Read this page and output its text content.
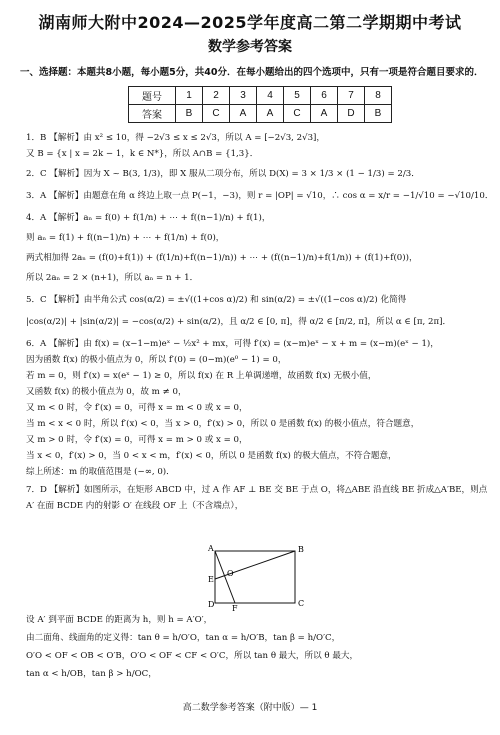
湖南师大附中2024—2025学年度高二第二学期期中考试
数学参考答案
一、选择题：本题共8小题，每小题5分，共40分．在每小题给出的四个选项中，只有一项是符合题目要求的．
题号	1	2	3	4	5	6	7	8
答案	B	C	A	A	C	A	D	B
1．B 【解析】由 x² ≤ 10，得 −2√3 ≤ x ≤ 2√3，所以 A = [−2√3, 2√3]，
又 B = {x | x = 2k − 1，k ∈ N*}，所以 A∩B = {1,3}．
2．C 【解析】因为 X ~ B(3, 1/3)，即 X 服从二项分布，所以 D(X) = 3 × 1/3 × (1 − 1/3) = 2/3．
3．A 【解析】由题意在角 α 终边上取一点 P(−1，−3)，则 r = |OP| = √10，∴ cos α = x/r = −1/√10 = −√10/10．
4．A 【解析】aₙ = f(0) + f(1/n) + ⋯ + f((n−1)/n) + f(1)，
则 aₙ = f(1) + f((n−1)/n) + ⋯ + f(1/n) + f(0)，
两式相加得 2aₙ = (f(0)+f(1)) + (f(1/n)+f((n−1)/n)) + ⋯ + (f((n−1)/n)+f(1/n)) + (f(1)+f(0))，
所以 2aₙ = 2 × (n+1)，所以 aₙ = n + 1．
5．C 【解析】由半角公式 cos(α/2) = ±√((1+cos α)/2) 和 sin(α/2) = ±√((1−cos α)/2) 化简得
|cos(α/2)| + |sin(α/2)| = −cos(α/2) + sin(α/2)，且 α/2 ∈ [0, π]，得 α/2 ∈ [π/2, π]，所以 α ∈ [π, 2π]．
6．A 【解析】由 f(x) = (x−1−m)eˣ − ½x² + mx，可得 f′(x) = (x−m)eˣ − x + m = (x−m)(eˣ − 1)，
因为函数 f(x) 的极小值点为 0，所以 f′(0) = (0−m)(e⁰ − 1) = 0，
若 m = 0，则 f′(x) = x(eˣ − 1) ≥ 0，所以 f(x) 在 R 上单调递增，故函数 f(x) 无极小值，
又函数 f(x) 的极小值点为 0，故 m ≠ 0，
又 m < 0 时，令 f′(x) = 0，可得 x = m < 0 或 x = 0，
当 m < x < 0 时，所以 f′(x) < 0，当 x > 0，f′(x) > 0，所以 0 是函数 f(x) 的极小值点，符合题意，
又 m > 0 时，令 f′(x) = 0，可得 x = m > 0 或 x = 0，
当 x < 0，f′(x) > 0，当 0 < x < m，f′(x) < 0，所以 0 是函数 f(x) 的极大值点，不符合题意，
综上所述：m 的取值范围是 (−∞, 0)．
7．D 【解析】如图所示，在矩形 ABCD 中，过 A 作 AF ⊥ BE 交 BE 于点 O，将△ABE 沿直线 BE 折成△A′BE，则点
A′ 在面 BCDE 内的射影 O′ 在线段 OF 上（不含端点），
A	B
C
D
E
F
O
设 A′ 到平面 BCDE 的距离为 h，则 h = A′O′，
由二面角、线面角的定义得：tan θ = h/O′O，tan α = h/O′B，tan β = h/O′C，
O′O < OF < OB < O′B，O′O < OF < CF < O′C，所以 tan θ 最大，所以 θ 最大，
tan α < h/OB，tan β > h/OC，
高二数学参考答案（附中版）— 1
